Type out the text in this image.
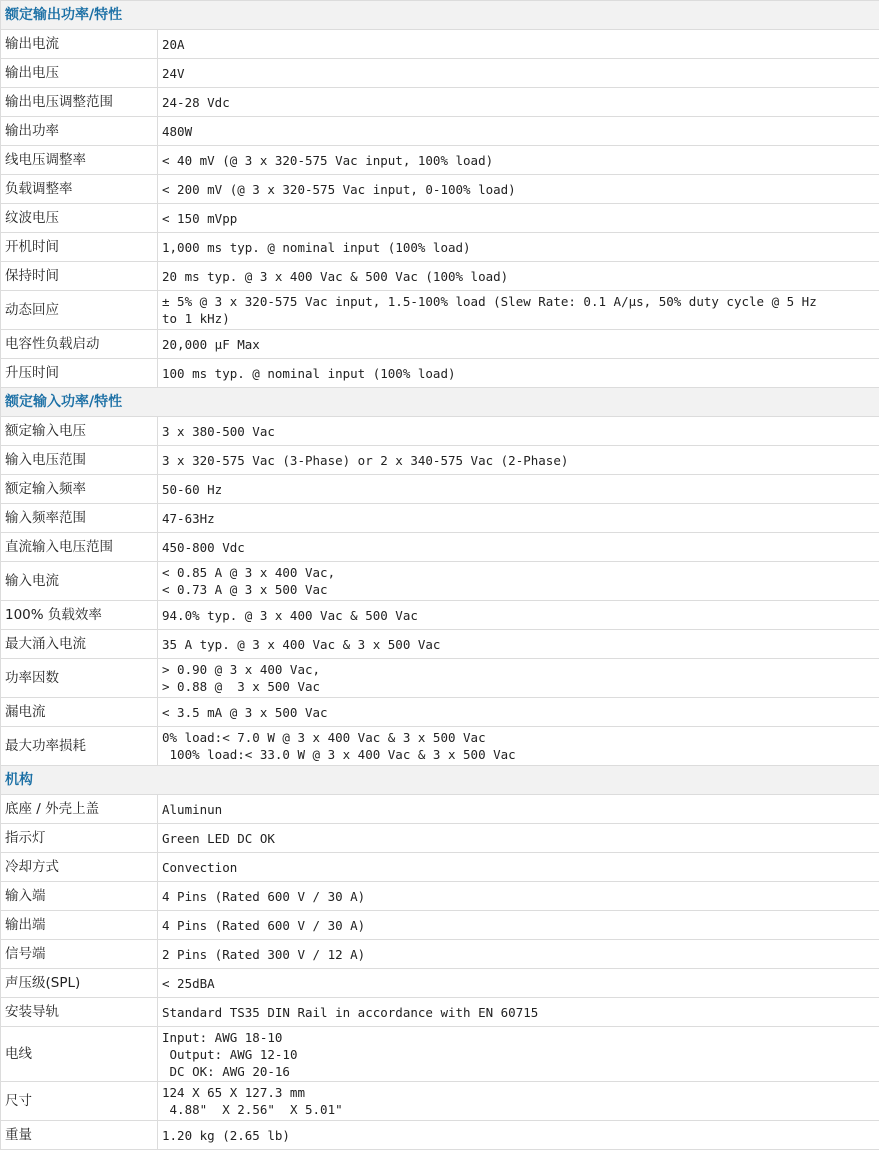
额定输出功率/特性	
输出电流	20A

输出电压	24V

输出电压调整范围	24-28 Vdc

输出功率	480W

线电压调整率	< 40 mV (@ 3 x 320-575 Vac input, 100% load)

负载调整率	< 200 mV (@ 3 x 320-575 Vac input, 0-100% load)

纹波电压	< 150 mVpp

开机时间	1,000 ms typ. @ nominal input (100% load)

保持时间	20 ms typ. @ 3 x 400 Vac & 500 Vac (100% load)

动态回应	± 5% @ 3 x 320-575 Vac input, 1.5-100% load (Slew Rate: 0.1 A/μs, 50% duty cycle @ 5 Hz
to 1 kHz)

电容性负载启动	20,000 μF Max

升压时间	100 ms typ. @ nominal input (100% load)

额定输入功率/特性	
额定输入电压	3 x 380-500 Vac

输入电压范围	3 x 320-575 Vac (3-Phase) or 2 x 340-575 Vac (2-Phase)

额定输入频率	50-60 Hz

输入频率范围	47-63Hz

直流输入电压范围	450-800 Vdc

输入电流	< 0.85 A @ 3 x 400 Vac,
< 0.73 A @ 3 x 500 Vac

100% 负载效率	94.0% typ. @ 3 x 400 Vac & 500 Vac

最大涌入电流	35 A typ. @ 3 x 400 Vac & 3 x 500 Vac

功率因数	> 0.90 @ 3 x 400 Vac,
> 0.88 @  3 x 500 Vac

漏电流	< 3.5 mA @ 3 x 500 Vac

最大功率损耗	0% load:< 7.0 W @ 3 x 400 Vac & 3 x 500 Vac
100% load:< 33.0 W @ 3 x 400 Vac & 3 x 500 Vac

机构	
底座 / 外壳上盖	Aluminun

指示灯	Green LED DC OK

冷却方式	Convection

输入端	4 Pins (Rated 600 V / 30 A)

输出端	4 Pins (Rated 600 V / 30 A)

信号端	2 Pins (Rated 300 V / 12 A)

声压级(SPL)	< 25dBA

安装导轨	Standard TS35 DIN Rail in accordance with EN 60715

电线	Input: AWG 18-10
Output: AWG 12-10
DC OK: AWG 20-16

尺寸	124 X 65 X 127.3 mm
4.88"  X 2.56"  X 5.01"

重量	1.20 kg (2.65 lb)
